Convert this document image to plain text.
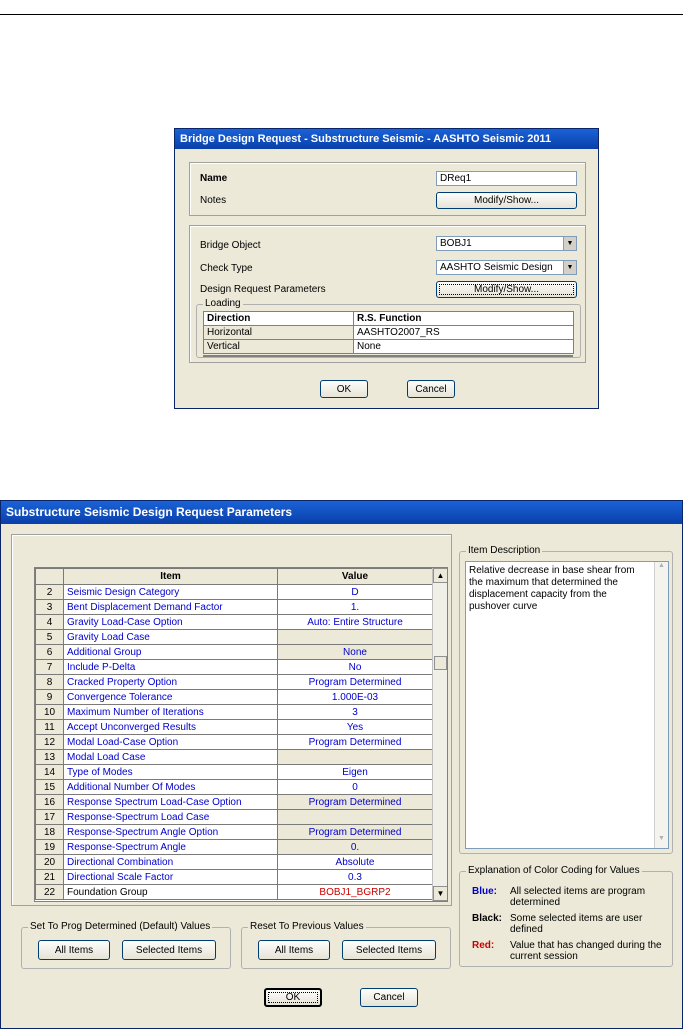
Bridge Design Request - Substructure Seismic - AASHTO Seismic 2011
Name	DReq1
Notes	Modify/Show...
Bridge Object	BOBJ1	▼
Check Type	AASHTO Seismic Design	▼
Design Request Parameters	Modify/Show...
Loading
Direction	R.S. Function
Horizontal	AASHTO2007_RS
Vertical	None
OK	Cancel
Substructure Seismic Design Request Parameters
	Item	Value
2	Seismic Design Category	D
3	Bent Displacement Demand Factor	1.
4	Gravity Load-Case Option	Auto: Entire Structure
5	Gravity Load Case	
6	Additional Group	None
7	Include P-Delta	No
8	Cracked Property Option	Program Determined
9	Convergence Tolerance	1.000E-03
10	Maximum Number of Iterations	3
11	Accept Unconverged Results	Yes
12	Modal Load-Case Option	Program Determined
13	Modal Load Case	
14	Type of Modes	Eigen
15	Additional Number Of Modes	0
16	Response Spectrum Load-Case Option	Program Determined
17	Response-Spectrum Load Case	
18	Response-Spectrum Angle Option	Program Determined
19	Response-Spectrum Angle	0.
20	Directional Combination	Absolute
21	Directional Scale Factor	0.3
22	Foundation Group	BOBJ1_BGRP2
▲
▼
Item Description
Relative decrease in base shear from the maximum that determined the displacement capacity from the pushover curve
▲
▼
Explanation of Color Coding for Values
Blue: All selected items are program determined
Black: Some selected items are user defined
Red: Value that has changed during the current session
Set To Prog Determined (Default) Values
All Items	Selected Items
Reset To Previous Values
All Items	Selected Items
OK	Cancel
